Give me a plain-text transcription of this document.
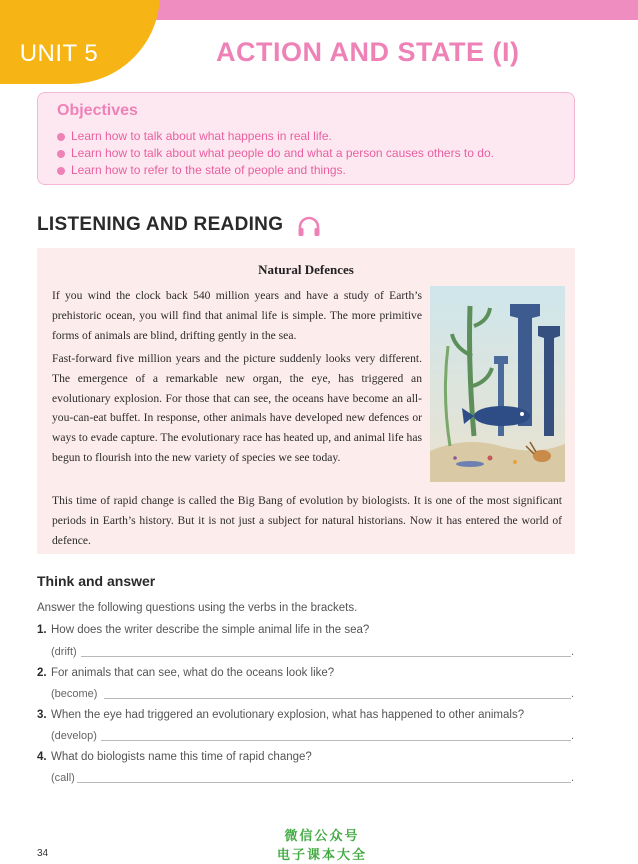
UNIT 5	ACTION AND STATE (I)
Objectives
Learn how to talk about what happens in real life.
Learn how to talk about what people do and what a person causes others to do.
Learn how to refer to the state of people and things.
LISTENING AND READING
Natural Defences

If you wind the clock back 540 million years and have a study of Earth’s prehistoric ocean, you will find that animal life is simple. The more primitive forms of animals are blind, drifting gently in the sea.

Fast-forward five million years and the picture suddenly looks very different. The emergence of a remarkable new organ, the eye, has triggered an evolutionary explosion. For those that can see, the oceans have become an all-you-can-eat buffet. In response, other animals have developed new defences or ways to evade capture. The evolutionary race has heated up, and animal life has begun to flourish into the new variety of species we see today.

This time of rapid change is called the Big Bang of evolution by biologists. It is one of the most significant periods in Earth’s history. But it is not just a subject for natural historians. Now it has entered the world of defence.

Think and answer
Answer the following questions using the verbs in the brackets.
1. How does the writer describe the simple animal life in the sea?
(drift)	.
2. For animals that can see, what do the oceans look like?
(become)	.
3. When the eye had triggered an evolutionary explosion, what has happened to other animals?
(develop)	.
4. What do biologists name this time of rapid change?
(call)	.
微信公众号
电子课本大全
34
